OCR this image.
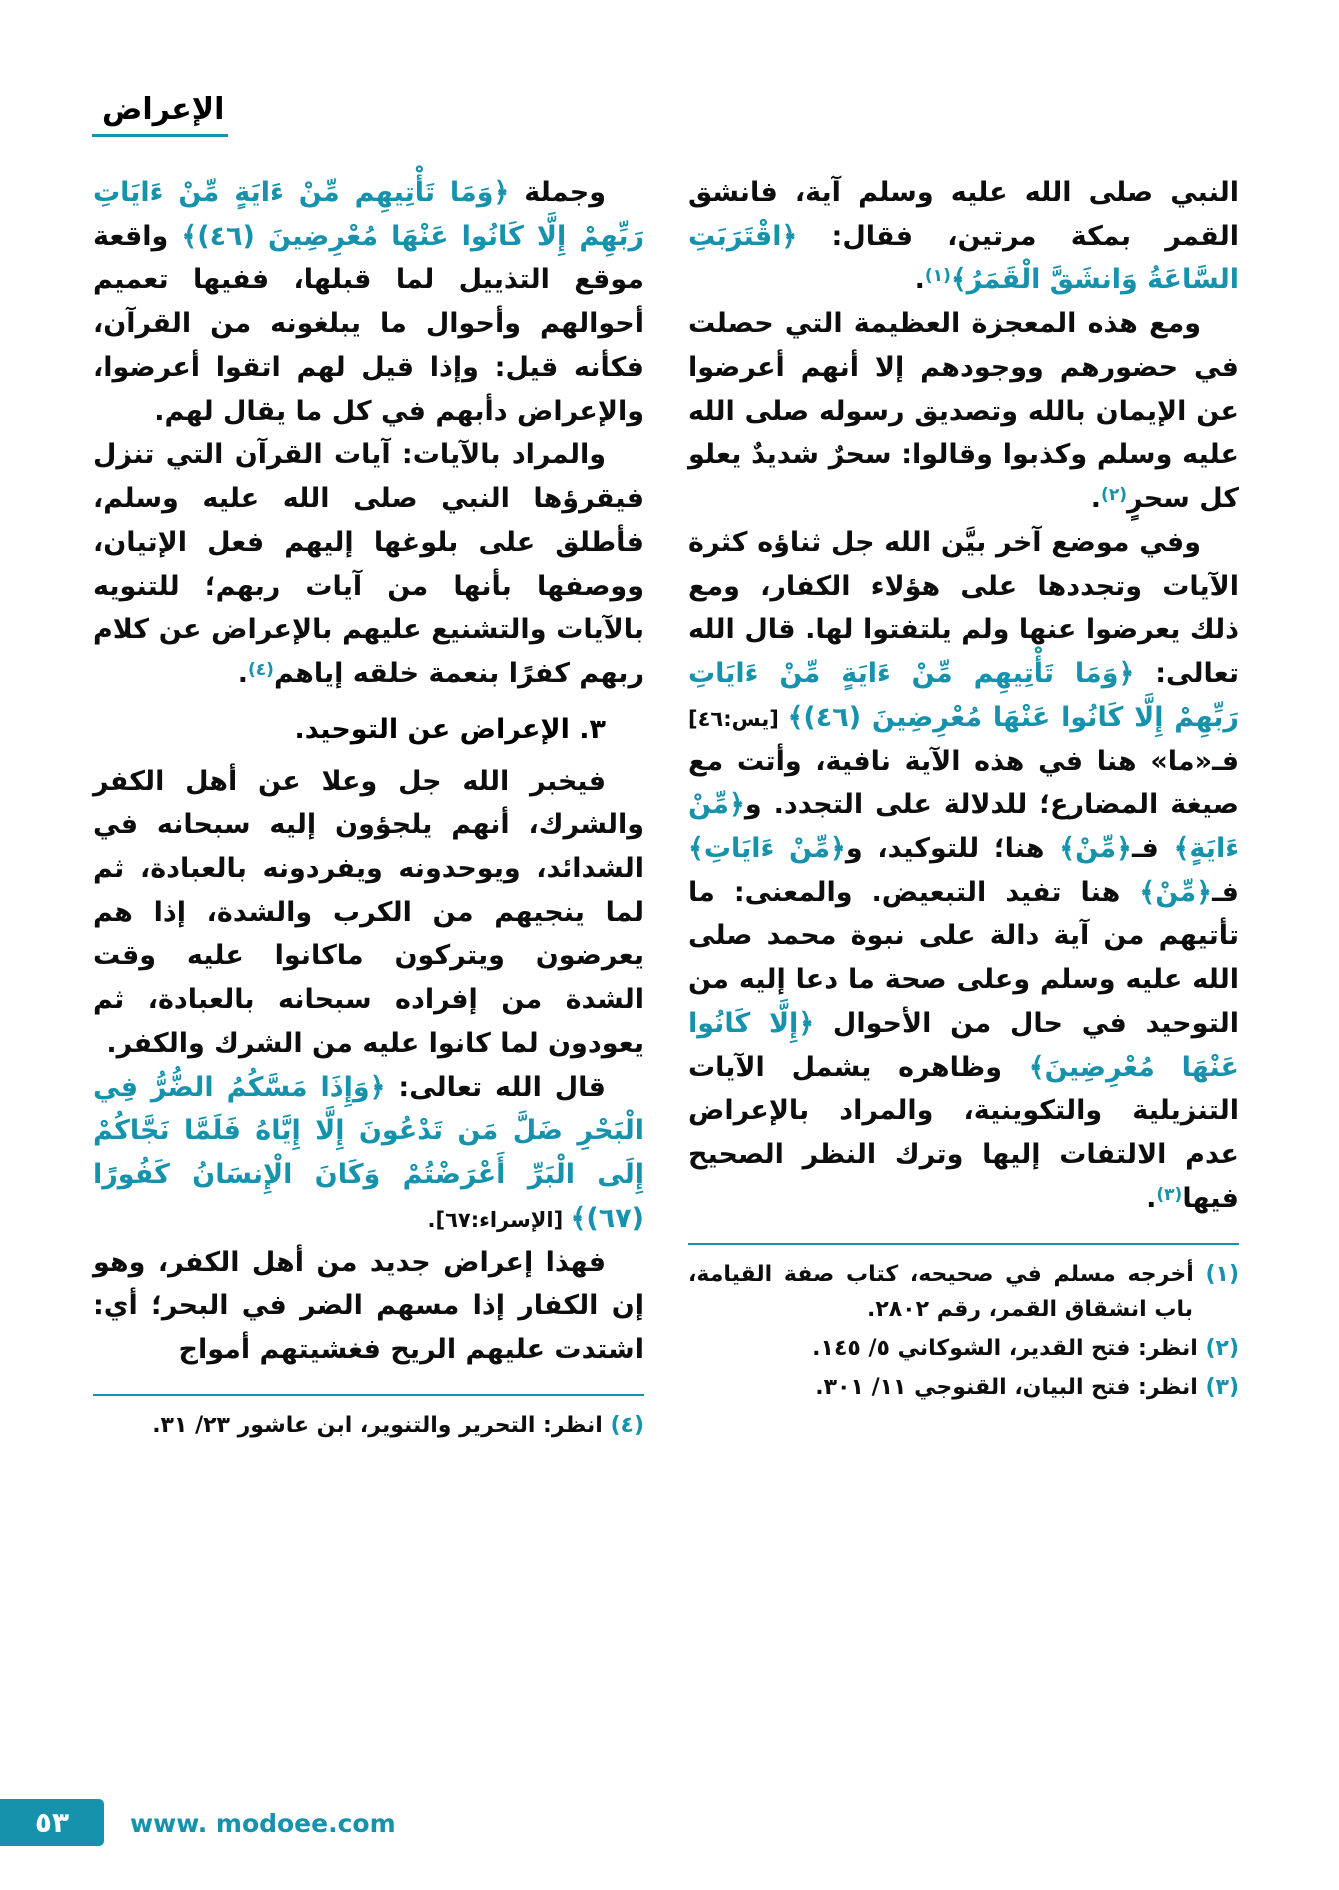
الإعراض

النبي صلى الله عليه وسلم آية، فانشق القمر بمكة مرتين، فقال: ﴿اقْتَرَبَتِ السَّاعَةُ وَانشَقَّ الْقَمَرُ﴾$^{(١)}$.

ومع هذه المعجزة العظيمة التي حصلت في حضورهم ووجودهم إلا أنهم أعرضوا عن الإيمان بالله وتصديق رسوله صلى الله عليه وسلم وكذبوا وقالوا: سحرٌ شديدٌ يعلو كل سحرٍ$^{(٢)}$.

وفي موضع آخر بيَّن الله جل ثناؤه كثرة الآيات وتجددها على هؤلاء الكفار، ومع ذلك يعرضوا عنها ولم يلتفتوا لها. قال الله تعالى: ﴿وَمَا تَأْتِيهِم مِّنْ ءَايَةٍ مِّنْ ءَايَاتِ رَبِّهِمْ إِلَّا كَانُوا عَنْهَا مُعْرِضِينَ (٤٦)﴾ [يس:٤٦] فـ«ما» هنا في هذه الآية نافية، وأتت مع صيغة المضارع؛ للدلالة على التجدد. و﴿مِّنْ ءَايَةٍ﴾ فـ﴿مِّنْ﴾ هنا؛ للتوكيد، و﴿مِّنْ ءَايَاتِ﴾ فـ﴿مِّنْ﴾ هنا تفيد التبعيض. والمعنى: ما تأتيهم من آية دالة على نبوة محمد صلى الله عليه وسلم وعلى صحة ما دعا إليه من التوحيد في حال من الأحوال ﴿إِلَّا كَانُوا عَنْهَا مُعْرِضِينَ﴾ وظاهره يشمل الآيات التنزيلية والتكوينية، والمراد بالإعراض عدم الالتفات إليها وترك النظر الصحيح فيها$^{(٣)}$.

(١) أخرجه مسلم في صحيحه، كتاب صفة القيامة، باب انشقاق القمر، رقم ٢٨٠٢.
(٢) انظر: فتح القدير، الشوكاني ٥/ ١٤٥.
(٣) انظر: فتح البيان، القنوجي ١١/ ٣٠١.

وجملة ﴿وَمَا تَأْتِيهِم مِّنْ ءَايَةٍ مِّنْ ءَايَاتِ رَبِّهِمْ إِلَّا كَانُوا عَنْهَا مُعْرِضِينَ (٤٦)﴾ واقعة موقع التذييل لما قبلها، ففيها تعميم أحوالهم وأحوال ما يبلغونه من القرآن، فكأنه قيل: وإذا قيل لهم اتقوا أعرضوا، والإعراض دأبهم في كل ما يقال لهم.

والمراد بالآيات: آيات القرآن التي تنزل فيقرؤها النبي صلى الله عليه وسلم، فأطلق على بلوغها إليهم فعل الإتيان، ووصفها بأنها من آيات ربهم؛ للتنويه بالآيات والتشنيع عليهم بالإعراض عن كلام ربهم كفرًا بنعمة خلقه إياهم$^{(٤)}$.

٣. الإعراض عن التوحيد.

فيخبر الله جل وعلا عن أهل الكفر والشرك، أنهم يلجؤون إليه سبحانه في الشدائد، ويوحدونه ويفردونه بالعبادة، ثم لما ينجيهم من الكرب والشدة، إذا هم يعرضون ويتركون ماكانوا عليه وقت الشدة من إفراده سبحانه بالعبادة، ثم يعودون لما كانوا عليه من الشرك والكفر.

قال الله تعالى: ﴿وَإِذَا مَسَّكُمُ الضُّرُّ فِي الْبَحْرِ ضَلَّ مَن تَدْعُونَ إِلَّا إِيَّاهُ فَلَمَّا نَجَّاكُمْ إِلَى الْبَرِّ أَعْرَضْتُمْ وَكَانَ الْإِنسَانُ كَفُورًا (٦٧)﴾ [الإسراء:٦٧].

فهذا إعراض جديد من أهل الكفر، وهو إن الكفار إذا مسهم الضر في البحر؛ أي: اشتدت عليهم الريح فغشيتهم أمواج

(٤) انظر: التحرير والتنوير، ابن عاشور ٢٣/ ٣١.
٥٣ www. modoee.com
